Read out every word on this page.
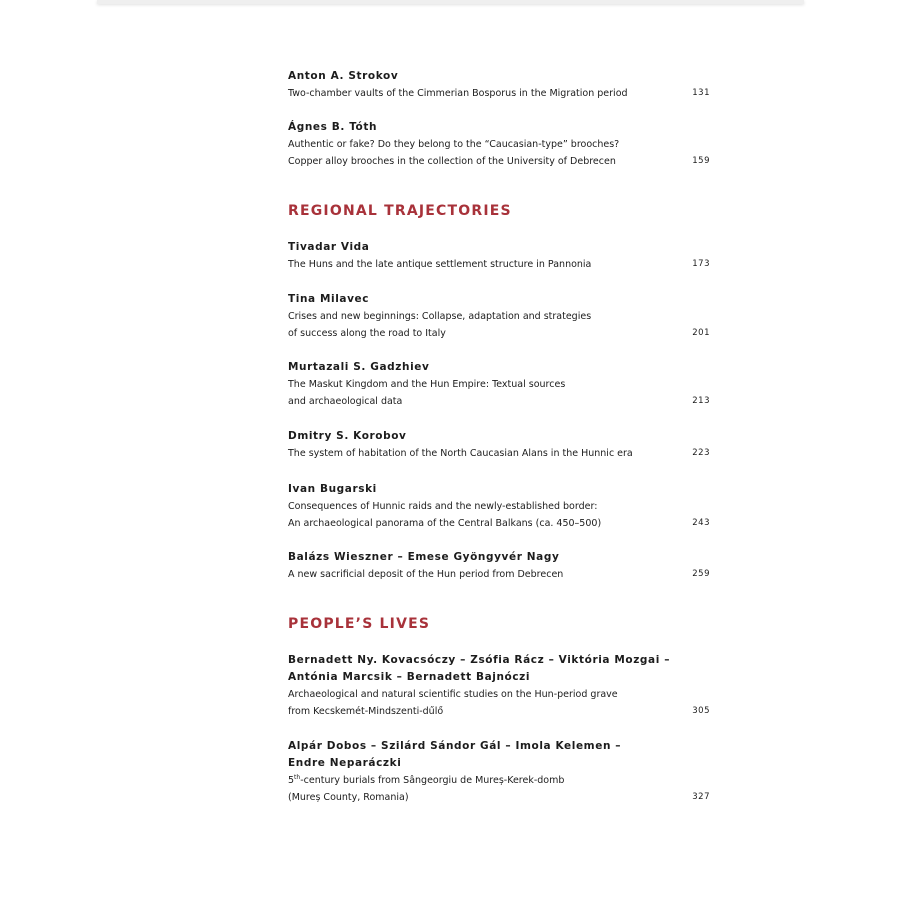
Anton A. Strokov
Two-chamber vaults of the Cimmerian Bosporus in the Migration period	131
Ágnes B. Tóth
Authentic or fake? Do they belong to the “Caucasian-type” brooches?
Copper alloy brooches in the collection of the University of Debrecen	159
REGIONAL TRAJECTORIES
Tivadar Vida
The Huns and the late antique settlement structure in Pannonia	173
Tina Milavec
Crises and new beginnings: Collapse, adaptation and strategies
of success along the road to Italy	201
Murtazali S. Gadzhiev
The Maskut Kingdom and the Hun Empire: Textual sources
and archaeological data	213
Dmitry S. Korobov
The system of habitation of the North Caucasian Alans in the Hunnic era	223
Ivan Bugarski
Consequences of Hunnic raids and the newly-established border:
An archaeological panorama of the Central Balkans (ca. 450–500)	243
Balázs Wieszner – Emese Gyöngyvér Nagy
A new sacrificial deposit of the Hun period from Debrecen	259
PEOPLE’S LIVES
Bernadett Ny. Kovacsóczy – Zsófia Rácz – Viktória Mozgai –
Antónia Marcsik – Bernadett Bajnóczi
Archaeological and natural scientific studies on the Hun-period grave
from Kecskemét-Mindszenti-dűlő	305
Alpár Dobos – Szilárd Sándor Gál – Imola Kelemen –
Endre Neparáczki
5th-century burials from Sângeorgiu de Mureș-Kerek-domb
(Mureș County, Romania)	327
